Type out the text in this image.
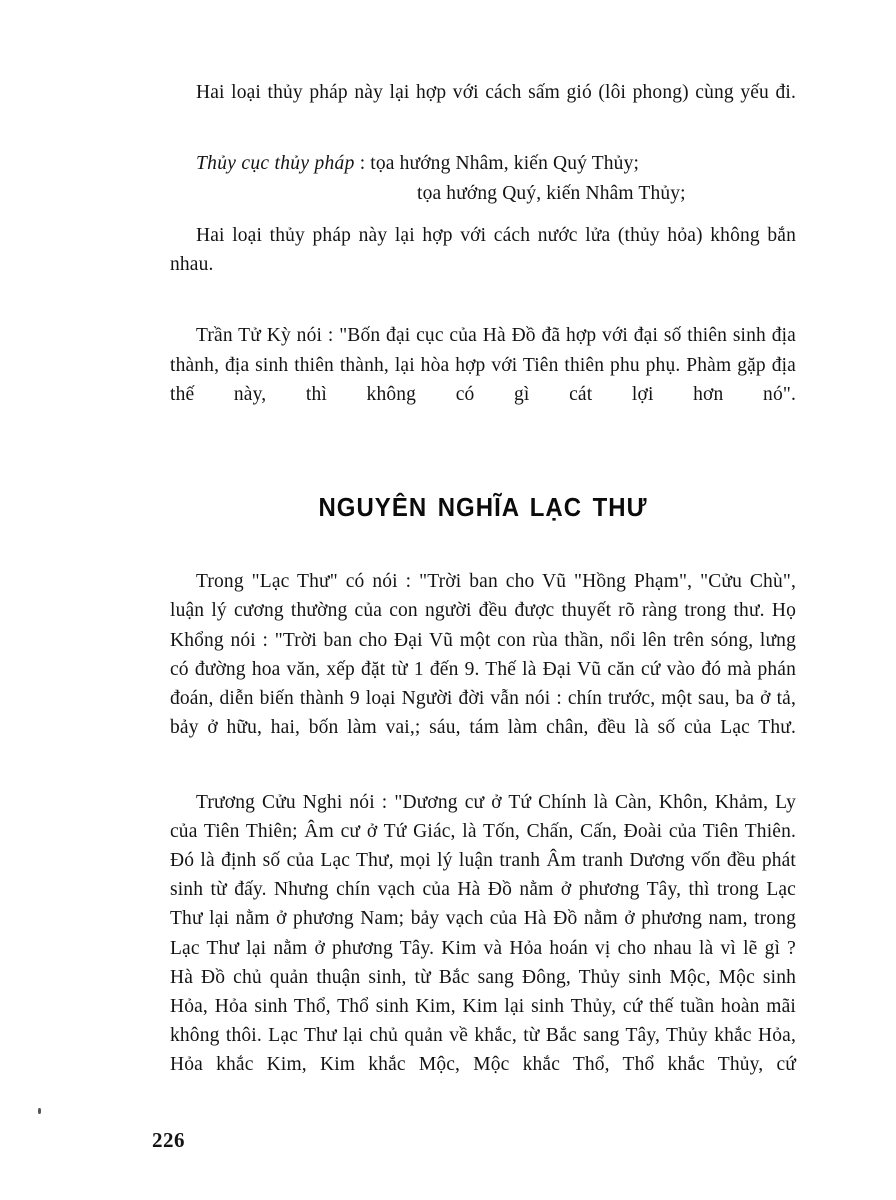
Hai loại thủy pháp này lại hợp với cách sấm gió (lôi phong) cùng yếu đi.

Thủy cục thủy pháp : tọa hướng Nhâm, kiến Quý Thủy;
tọa hướng Quý, kiến Nhâm Thủy;

Hai loại thủy pháp này lại hợp với cách nước lửa (thủy hỏa) không bắn nhau.

Trần Tử Kỳ nói : "Bốn đại cục của Hà Đồ đã hợp với đại số thiên sinh địa thành, địa sinh thiên thành, lại hòa hợp với Tiên thiên phu phụ. Phàm gặp địa thế này, thì không có gì cát lợi hơn nó".

NGUYÊN NGHĨA LẠC THƯ

Trong "Lạc Thư" có nói : "Trời ban cho Vũ "Hồng Phạm", "Cửu Chù", luận lý cương thường của con người đều được thuyết rõ ràng trong thư. Họ Khổng nói : "Trời ban cho Đại Vũ một con rùa thần, nổi lên trên sóng, lưng có đường hoa văn, xếp đặt từ 1 đến 9. Thế là Đại Vũ căn cứ vào đó mà phán đoán, diễn biến thành 9 loại Người đời vẫn nói : chín trước, một sau, ba ở tả, bảy ở hữu, hai, bốn làm vai,; sáu, tám làm chân, đều là số của Lạc Thư.

Trương Cửu Nghi nói : "Dương cư ở Tứ Chính là Càn, Khôn, Khảm, Ly của Tiên Thiên; Âm cư ở Tứ Giác, là Tốn, Chấn, Cấn, Đoài của Tiên Thiên. Đó là định số của Lạc Thư, mọi lý luận tranh Âm tranh Dương vốn đều phát sinh từ đấy. Nhưng chín vạch của Hà Đồ nằm ở phương Tây, thì trong Lạc Thư lại nằm ở phương Nam; bảy vạch của Hà Đồ nằm ở phương nam, trong Lạc Thư lại nằm ở phương Tây. Kim và Hỏa hoán vị cho nhau là vì lẽ gì ? Hà Đồ chủ quản thuận sinh, từ Bắc sang Đông, Thủy sinh Mộc, Mộc sinh Hỏa, Hỏa sinh Thổ, Thổ sinh Kim, Kim lại sinh Thủy, cứ thế tuần hoàn mãi không thôi. Lạc Thư lại chủ quản về khắc, từ Bắc sang Tây, Thủy khắc Hỏa, Hỏa khắc Kim, Kim khắc Mộc, Mộc khắc Thổ, Thổ khắc Thủy, cứ

226
